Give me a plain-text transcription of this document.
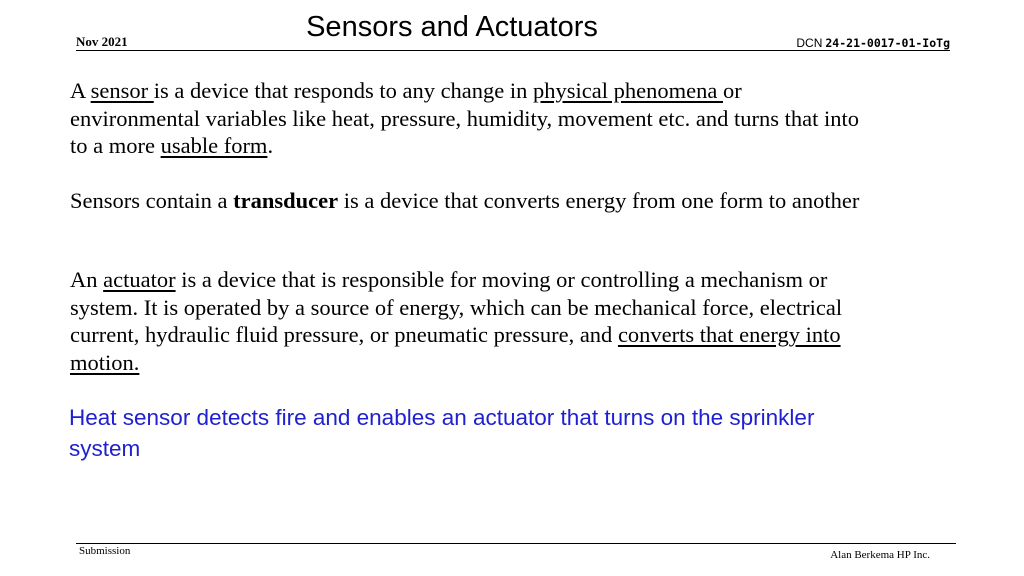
Nov 2021	Sensors and Actuators	DCN 24-21-0017-01-IoTg

A sensor is a device that responds to any change in physical phenomena or environmental variables like heat, pressure, humidity, movement etc. and turns that into to a more usable form.

Sensors contain a transducer is a device that converts energy from one form to another

An actuator is a device that is responsible for moving or controlling a mechanism or system. It is operated by a source of energy, which can be mechanical force, electrical current, hydraulic fluid pressure, or pneumatic pressure, and converts that energy into motion.

Heat sensor detects fire and enables an actuator that turns on the sprinkler system

Submission	Alan Berkema HP Inc.
